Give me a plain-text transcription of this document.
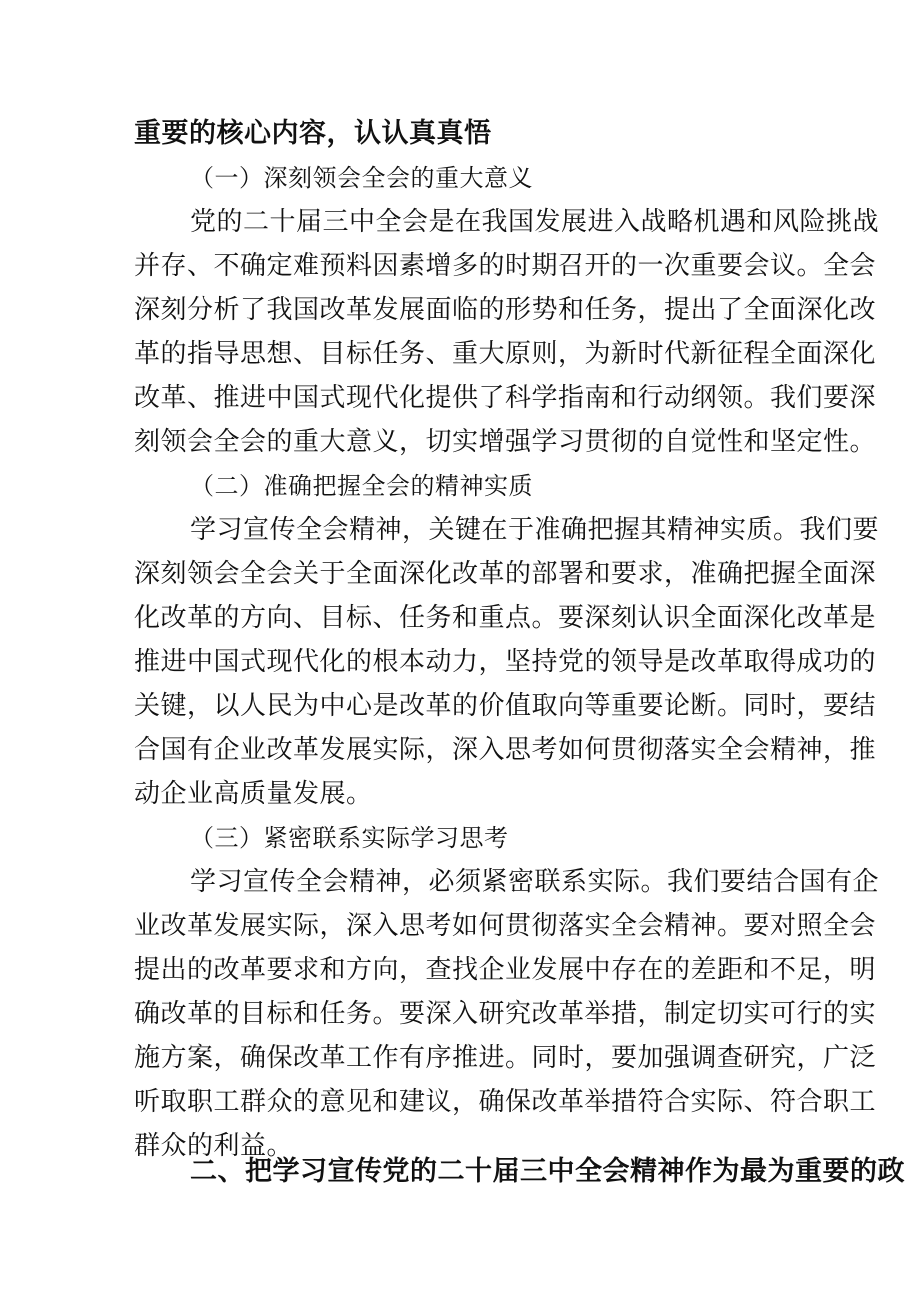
重要的核心内容，认认真真悟
（一）深刻领会全会的重大意义
党的二十届三中全会是在我国发展进入战略机遇和风险挑战
并存、不确定难预料因素增多的时期召开的一次重要会议。全会
深刻分析了我国改革发展面临的形势和任务，提出了全面深化改
革的指导思想、目标任务、重大原则，为新时代新征程全面深化
改革、推进中国式现代化提供了科学指南和行动纲领。我们要深
刻领会全会的重大意义，切实增强学习贯彻的自觉性和坚定性。
（二）准确把握全会的精神实质
学习宣传全会精神，关键在于准确把握其精神实质。我们要
深刻领会全会关于全面深化改革的部署和要求，准确把握全面深
化改革的方向、目标、任务和重点。要深刻认识全面深化改革是
推进中国式现代化的根本动力，坚持党的领导是改革取得成功的
关键，以人民为中心是改革的价值取向等重要论断。同时，要结
合国有企业改革发展实际，深入思考如何贯彻落实全会精神，推
动企业高质量发展。
（三）紧密联系实际学习思考
学习宣传全会精神，必须紧密联系实际。我们要结合国有企
业改革发展实际，深入思考如何贯彻落实全会精神。要对照全会
提出的改革要求和方向，查找企业发展中存在的差距和不足，明
确改革的目标和任务。要深入研究改革举措，制定切实可行的实
施方案，确保改革工作有序推进。同时，要加强调查研究，广泛
听取职工群众的意见和建议，确保改革举措符合实际、符合职工
群众的利益。
二、把学习宣传党的二十届三中全会精神作为最为重要的政
